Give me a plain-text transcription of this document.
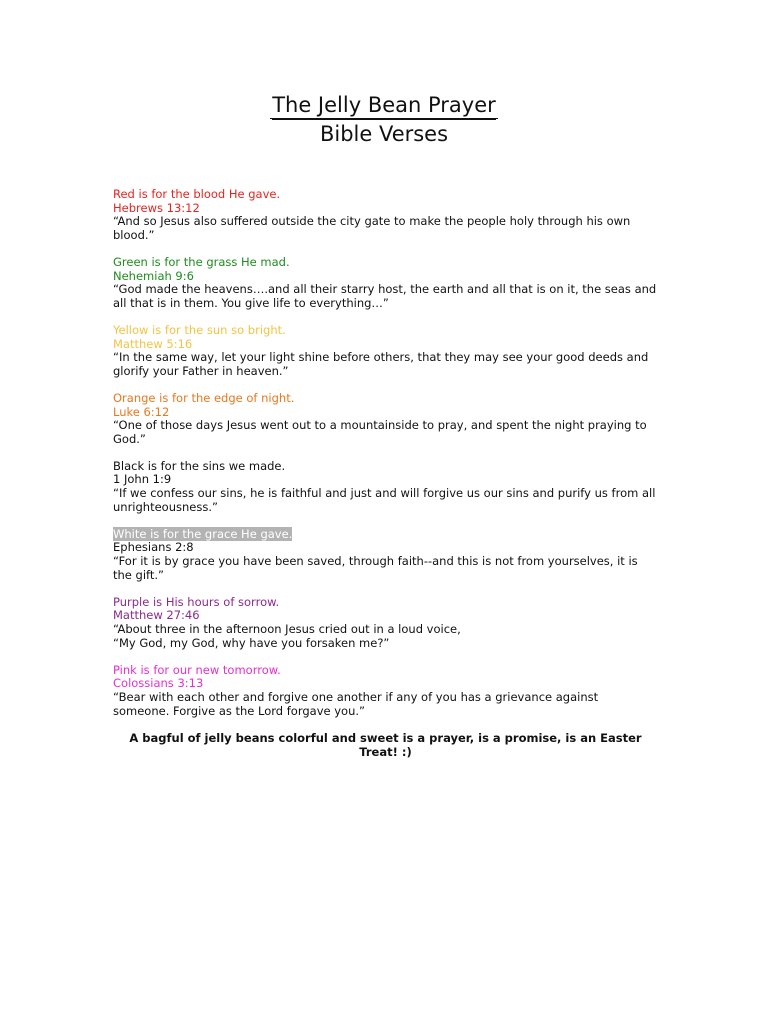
The Jelly Bean Prayer
Bible Verses

Red is for the blood He gave.

Hebrews 13:12

“And so Jesus also suffered outside the city gate to make the people holy through his own blood.”

Green is for the grass He mad.

Nehemiah 9:6

“God made the heavens….and all their starry host, the earth and all that is on it, the seas and all that is in them. You give life to everything…”

Yellow is for the sun so bright.

Matthew 5:16

“In the same way, let your light shine before others, that they may see your good deeds and glorify your Father in heaven.”

Orange is for the edge of night.

Luke 6:12

“One of those days Jesus went out to a mountainside to pray, and spent the night praying to God.”

Black is for the sins we made.

1 John 1:9

“If we confess our sins, he is faithful and just and will forgive us our sins and purify us from all unrighteousness.”

White is for the grace He gave.

Ephesians 2:8

“For it is by grace you have been saved, through faith--and this is not from yourselves, it is the gift.”

Purple is His hours of sorrow.

Matthew 27:46

“About three in the afternoon Jesus cried out in a loud voice,
“My God, my God, why have you forsaken me?”

Pink is for our new tomorrow.

Colossians 3:13

“Bear with each other and forgive one another if any of you has a grievance against someone. Forgive as the Lord forgave you.”

A bagful of jelly beans colorful and sweet is a prayer, is a promise, is an Easter Treat! :)
